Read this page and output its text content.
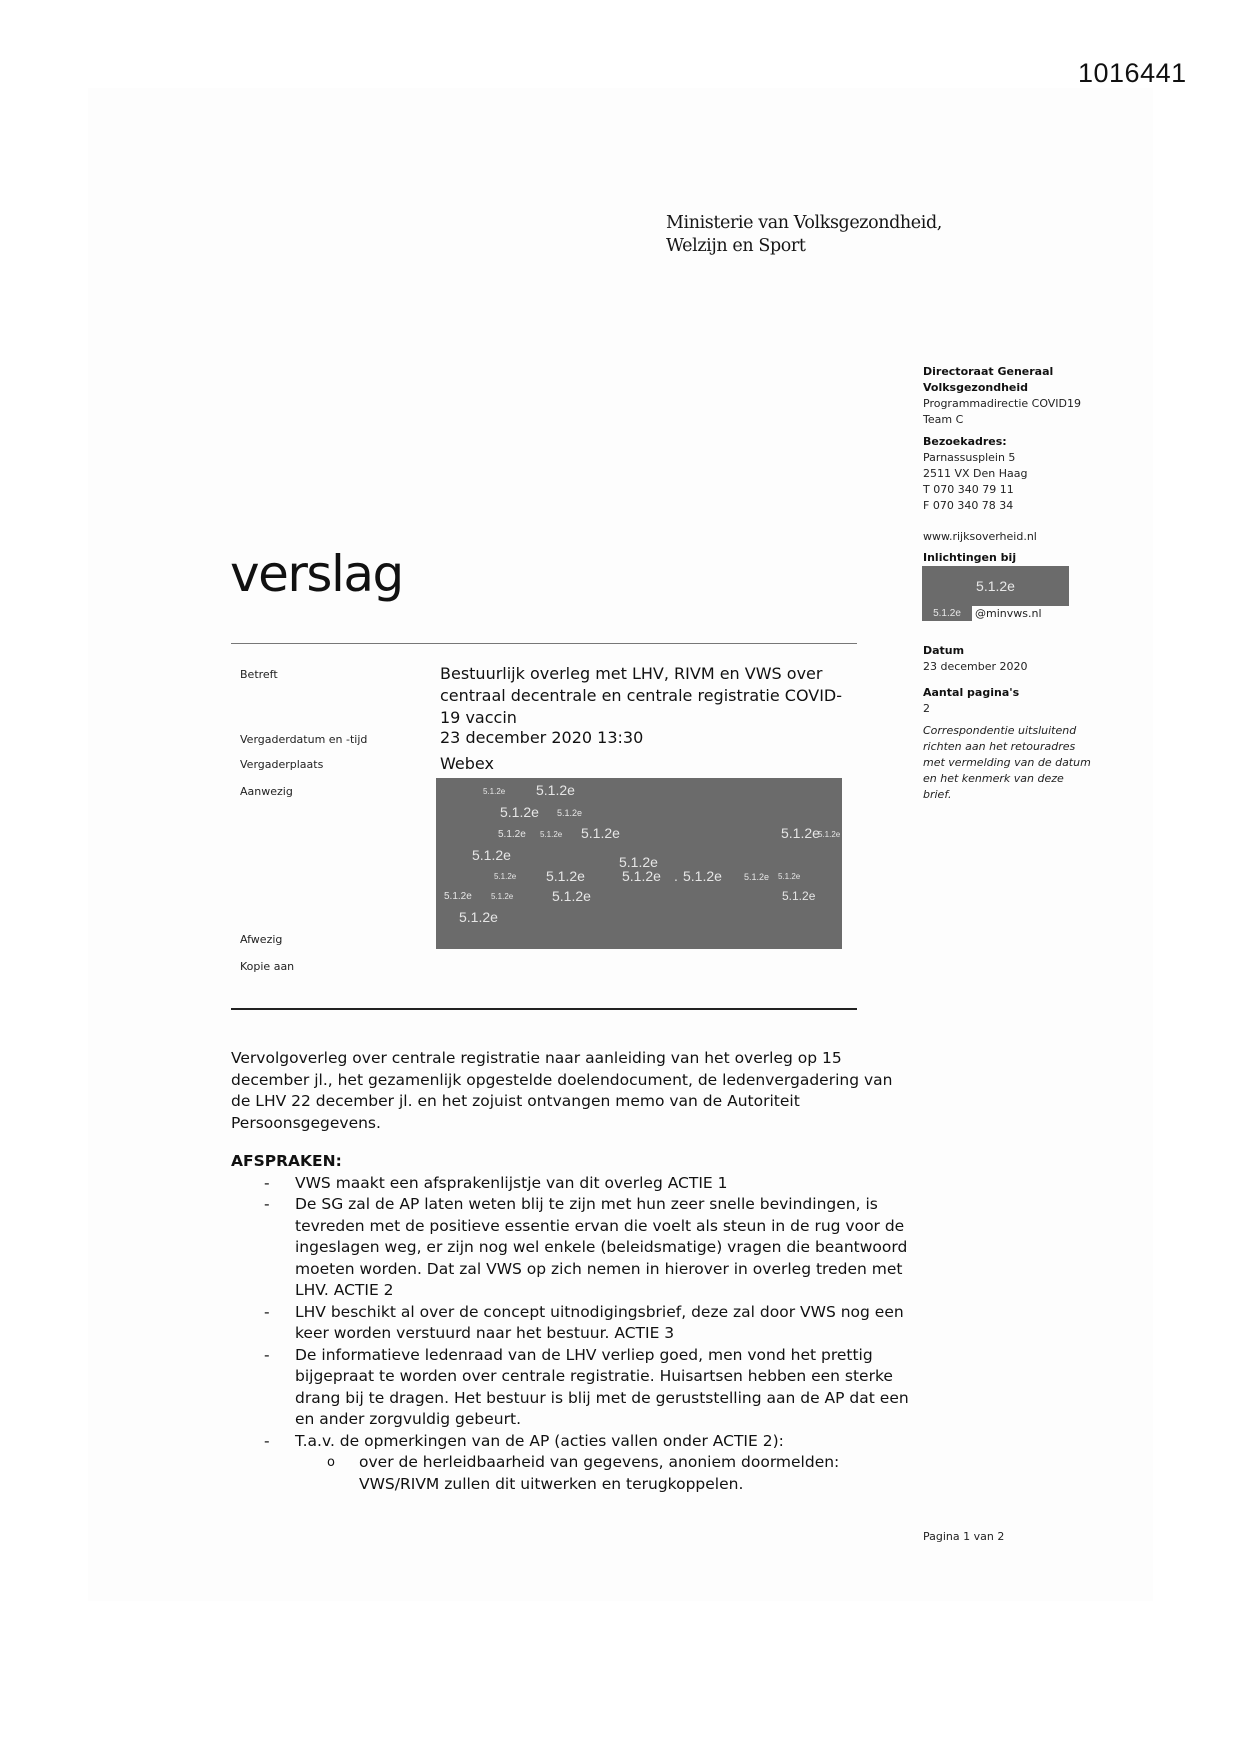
1016441
Ministerie van Volksgezondheid,
Welzijn en Sport
Directoraat Generaal
Volksgezondheid
Programmadirectie COVID19
Team C
Bezoekadres:
Parnassusplein 5
2511 VX Den Haag
T 070 340 79 11
F 070 340 78 34
www.rijksoverheid.nl
Inlichtingen bij
5.1.2e
5.1.2e	@minvws.nl
Datum
23 december 2020
Aantal pagina's
2
Correspondentie uitsluitend
richten aan het retouradres
met vermelding van de datum
en het kenmerk van deze
brief.
verslag
Betreft	Bestuurlijk overleg met LHV, RIVM en VWS over
centraal decentrale en centrale registratie COVID-
19 vaccin
Vergaderdatum en -tijd	23 december 2020 13:30
Vergaderplaats	Webex
Aanwezig	5.1.2e 5.1.2e
5.1.2e 5.1.2e
5.1.2e 5.1.2e 5.1.2e	5.1.2e
5.1.2e
5.1.2e	5.1.2e
5.1.2e 5.1.2e	5.1.2e . 5.1.2e 5.1.2e 5.1.2e
5.1.2e 5.1.2e	5.1.2e	5.1.2e
5.1.2e
Afwezig
Kopie aan

Vervolgoverleg over centrale registratie naar aanleiding van het overleg op 15 december jl., het gezamenlijk opgestelde doelendocument, de ledenvergadering van de LHV 22 december jl. en het zojuist ontvangen memo van de Autoriteit Persoonsgegevens.

AFSPRAKEN:

- VWS maakt een afsprakenlijstje van dit overleg ACTIE 1
- De SG zal de AP laten weten blij te zijn met hun zeer snelle bevindingen, is tevreden met de positieve essentie ervan die voelt als steun in de rug voor de ingeslagen weg, er zijn nog wel enkele (beleidsmatige) vragen die beantwoord moeten worden. Dat zal VWS op zich nemen in hierover in overleg treden met LHV. ACTIE 2
- LHV beschikt al over de concept uitnodigingsbrief, deze zal door VWS nog een keer worden verstuurd naar het bestuur. ACTIE 3
- De informatieve ledenraad van de LHV verliep goed, men vond het prettig bijgepraat te worden over centrale registratie. Huisartsen hebben een sterke drang bij te dragen. Het bestuur is blij met de geruststelling aan de AP dat een en ander zorgvuldig gebeurt.
- T.a.v. de opmerkingen van de AP (acties vallen onder ACTIE 2):
o over de herleidbaarheid van gegevens, anoniem doormelden: VWS/RIVM zullen dit uitwerken en terugkoppelen.
Pagina 1 van 2
